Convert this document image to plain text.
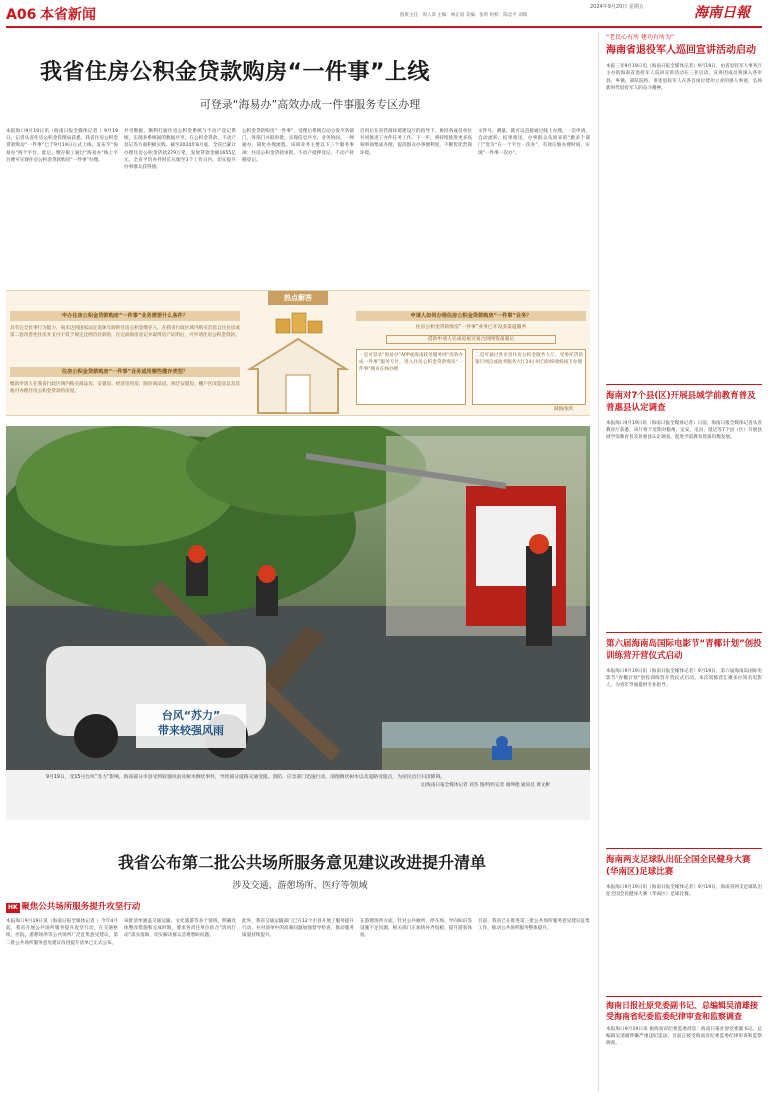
A06 本省新闻	2024年9月20日 星期五
值班主任：周人章 主编：林正羽 美编：张昕 检校：陈忠平 刘瑞	海南日報
我省住房公积金贷款购房“一件事”上线
可登录“海易办”高效办成一件事服务专区办理
本报海口9月19日讯（海南日报全媒体记者 ）9月19日，记者从省住房公积金管理局获悉，我省住房公积金贷款购房“一件事”已于9月19日正式上线，发布至“海易办”两个平台。此后，缴存职工通过“海易办”线上平台便可实现住房公积金贷款购房“一件事”办理。
共享数据，顺利打通住房公积金系统与不动产登记系统，实现多系统间的数据共享，在公积金贷款、不动产登记等方面积极实践。截至2024年8月底，全省已累计办理住房公积金贷款279万笔，发放贷款金额1655亿元，全省平均办件时长压缩至3个工作日内，切实提升办事群众获得感。
公积金贷款购房“一件事”，受理后系统自动分发至各部门，各部门并联审批，实现信息共享、业务协同、一网通办，简化办理流程。该项业务主要以下三个服务事项：住房公积金贷款审批、不动产抵押登记、不动产转移登记。
启用后在省营商环境建设厅的指导下，协同各成员单位共同推进了办件任务工作。下一步，将持续推进更多高频事项集成办理，提高群众办事便利度，不断优化营商环境。
文件号、测量，就可以直接通过线上办理，一次申请、自动流转、结果推送，办事群众从原来的“跑多个部门”变为“在一个平台一次办”，有效压缩办理时间，实现“一件事一次办”。
热点解答
申办住房公积金贷款购房“一件事”业务需要什么条件？
具有完全民事行为能力，尚未达到国家法定退休年龄的住房公积金缴存人，在我省行政区域内购买首套自住住房或第二套改善性住房并支付不低于规定比例首付款的，在完成购房登记并取得房产证明后，可申请住房公积金贷款。
住房公积金贷款购房“一件事”业务适用哪些缴存类型？
缴款申请人在我省行政区域内购买商品房、安置房、经济适用房、限价商品房、拆迁安置房、棚户区改造房以及其他可办理住房公积金贷款的房屋。
申请人如何办理住房公积金贷款购房“一件事”业务？
住房公积金贷款购房“一件事”业务已开设多渠道服务
借款申请人完成房屋交易合同网签备案后
一是可登录“海易办”APP或海南政务服务网“高效办成一件事”服务专区，进入住房公积金贷款购房“一件事”网页在线办理
二是可通过各市县住房公积金服务大厅、受委托贷款银行网点或政务服务大厅24小时自助终端机线下办理
制图/张昕
台风“苏力”
带来较强风雨
9月19日，受15号台风“苏力”影响，海南部分市县受到较强风雨及树木倒伏事件，导致部分道路交通受阻。消防、应急部门迅速行动，清理倒伏树木以及道路受阻点，为居民出行扫清障碍。
文/海南日报全媒体记者 刘杰 图/特约记者 谢坤德 通讯员 黄文彬
我省公布第二批公共场所服务意见建议改进提升清单
涉及交通、游憩场所、医疗等领域
HK 聚焦公共场所服务提升攻坚行动
本报海口9月19日讯（海南日报全媒体记者 ）今年4月起，我省开展公共场所服务提升攻坚行动，在交通枢纽、医院、游憩场所等公共场所广泛征集意见建议，第二批公共场所服务意见建议改进提升清单已正式公布。
该批清单涵盖交通运输、文化旅游等多个领域，明确具体整改措施和完成时限，要求各责任单位结合“清风行动”落实落细，切实解决群众急难愁盼问题。
此外，我省交通运输部门已在12个市县开展了服务提升行动，并对清单中的高频问题加强督导检查，推动服务质量持续提升。
在游憩场所方面，针对公共厕所、停车场、导向标识等设施不足问题，相关部门正加快补齐短板，提升游客体验。
目前，我省已在推进第三批公共场所服务意见建议征集工作，推动公共场所服务整体提升。
“老民心有所 建功有所为”
海南省退役军人巡回宣讲活动启动
本报三亚9月19日电（海南日报全媒体记者）9月19日，由省退役军人事务厅主办的海南省退役军人巡回宣讲活动在三亚启动。宣讲团成员将深入各市县、乡镇、部队院校，讲述退役军人在各自岗位建功立业的感人事迹，弘扬新时代退役军人的奋斗精神。
海南对7个县(区)开展县域学前教育普及普惠县认定调查
本报海口9月19日讯（海南日报全媒体记者）日前，海南日报全媒体记者从省教育厅获悉，该厅将于近期对儋州、定安、屯昌、澄迈等7个县（区）开展县域学前教育普及普惠县认定调查，促进学前教育优质均衡发展。
第六届海南岛国际电影节“青椰计划”创投训练营开营仪式启动
本报海口9月19日讯（海南日报全媒体记者）9月19日，第六届海南岛国际电影节“青椰计划”创投训练营开营仪式启动。本次训练营汇聚多位知名电影人，为青年导演提供专业指导。
海南两支足球队出征全国全民健身大赛(华南区)足球比赛
本报海口9月19日讯（海南日报全媒体记者）9月19日，海南省两支足球队出征全国全民健身大赛（华南区）足球比赛。
海南日报社原党委副书记、总编辑吴清雄接受海南省纪委监委纪律审查和监察调查
本报海口9月19日讯 据海南省纪委监委消息：海南日报社原党委副书记、总编辑吴清雄涉嫌严重违纪违法，目前正接受海南省纪委监委纪律审查和监察调查。
